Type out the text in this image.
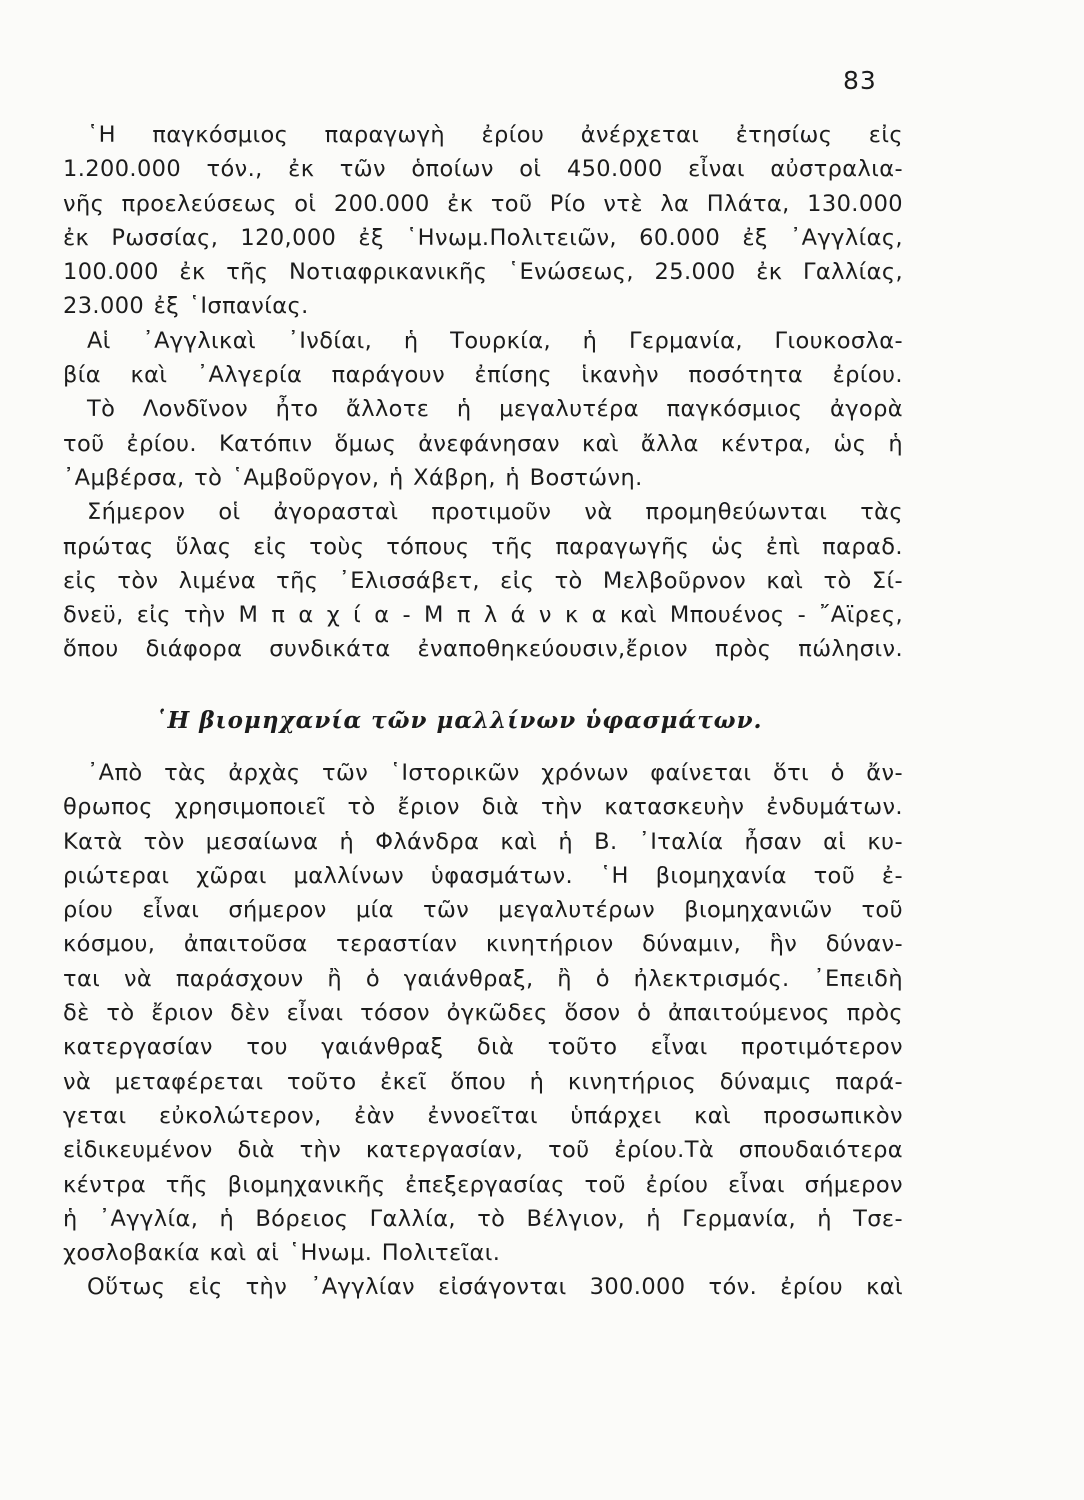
83
῾Η παγκόσμιος παραγωγὴ ἐρίου ἀνέρχεται ἐτησίως εἰς
1.200.000 τόν., ἐκ τῶν ὁποίων οἱ 450.000 εἶναι αὐστραλια-
νῆς προελεύσεως οἱ 200.000 ἐκ τοῦ Ρίο ντὲ λα Πλάτα, 130.000
ἐκ Ρωσσίας, 120,000 ἐξ ῾Ηνωμ.Πολιτειῶν, 60.000 ἐξ ᾿Αγγλίας,
100.000 ἐκ τῆς Νοτιαφρικανικῆς ῾Ενώσεως, 25.000 ἐκ Γαλλίας,
23.000 ἐξ ῾Ισπανίας.
Αἱ ᾿Αγγλικαὶ ᾿Ινδίαι, ἡ Τουρκία, ἡ Γερμανία, Γιουκοσλα-
βία καὶ ᾿Αλγερία παράγουν ἐπίσης ἱκανὴν ποσότητα ἐρίου.
Τὸ Λονδῖνον ἦτο ἄλλοτε ἡ μεγαλυτέρα παγκόσμιος ἀγορὰ
τοῦ ἐρίου. Κατόπιν ὅμως ἀνεφάνησαν καὶ ἄλλα κέντρα, ὡς ἡ
᾿Αμβέρσα, τὸ ῾Αμβοῦργον, ἡ Χάβρη, ἡ Βοστώνη.
Σήμερον οἱ ἀγορασταὶ προτιμοῦν νὰ προμηθεύωνται τὰς
πρώτας ὕλας εἰς τοὺς τόπους τῆς παραγωγῆς ὡς ἐπὶ παραδ.
εἰς τὸν λιμένα τῆς ᾿Ελισσάβετ, εἰς τὸ Μελβοῦρνον καὶ τὸ Σί-
δνεϋ, εἰς τὴν Μ π α χ ί α - Μ π λ ά ν κ α καὶ Μπουένος - ῎Αϊρες,
ὅπου διάφορα συνδικάτα ἐναποθηκεύουσιν,ἔριον πρὸς πώλησιν.
῾Η βιομηχανία τῶν μαλλίνων ὑφασμάτων.
᾿Απὸ τὰς ἀρχὰς τῶν ῾Ιστορικῶν χρόνων φαίνεται ὅτι ὁ ἄν-
θρωπος χρησιμοποιεῖ τὸ ἔριον διὰ τὴν κατασκευὴν ἐνδυμάτων.
Κατὰ τὸν μεσαίωνα ἡ Φλάνδρα καὶ ἡ Β. ᾿Ιταλία ἦσαν αἱ κυ-
ριώτεραι χῶραι μαλλίνων ὑφασμάτων. ῾Η βιομηχανία τοῦ ἐ-
ρίου εἶναι σήμερον μία τῶν μεγαλυτέρων βιομηχανιῶν τοῦ
κόσμου, ἀπαιτοῦσα τεραστίαν κινητήριον δύναμιν, ἣν δύναν-
ται νὰ παράσχουν ἢ ὁ γαιάνθραξ, ἢ ὁ ἠλεκτρισμός. ᾿Επειδὴ
δὲ τὸ ἔριον δὲν εἶναι τόσον ὀγκῶδες ὅσον ὁ ἀπαιτούμενος πρὸς
κατεργασίαν του γαιάνθραξ διὰ τοῦτο εἶναι προτιμότερον
νὰ μεταφέρεται τοῦτο ἐκεῖ ὅπου ἡ κινητήριος δύναμις παρά-
γεται εὐκολώτερον, ἐὰν ἐννοεῖται ὑπάρχει καὶ προσωπικὸν
εἰδικευμένον διὰ τὴν κατεργασίαν, τοῦ ἐρίου.Τὰ σπουδαιότερα
κέντρα τῆς βιομηχανικῆς ἐπεξεργασίας τοῦ ἐρίου εἶναι σήμερον
ἡ ᾿Αγγλία, ἡ Βόρειος Γαλλία, τὸ Βέλγιον, ἡ Γερμανία, ἡ Τσε-
χοσλοβακία καὶ αἱ ῾Ηνωμ. Πολιτεῖαι.
Οὕτως εἰς τὴν ᾿Αγγλίαν εἰσάγονται 300.000 τόν. ἐρίου καὶ
